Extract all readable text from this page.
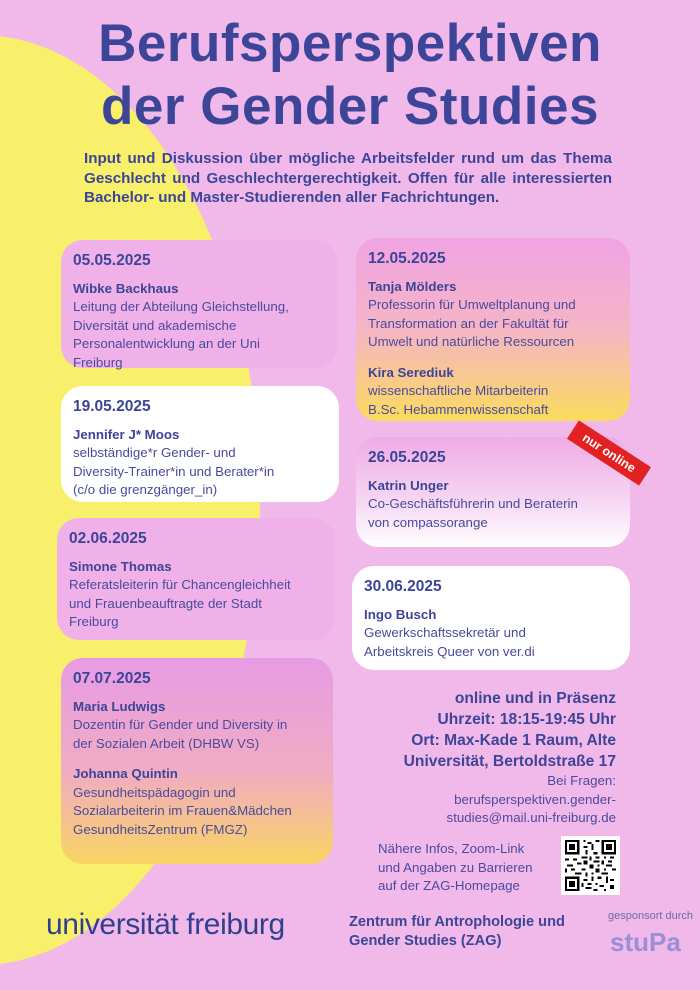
Berufsperspektiven
der Gender Studies
Input und Diskussion über mögliche Arbeitsfelder rund um das Thema Geschlecht und Geschlechtergerechtigkeit. Offen für alle interessierten Bachelor- und Master-Studierenden aller Fachrichtungen.
05.05.2025
Wibke Backhaus
Leitung der Abteilung Gleichstellung,
Diversität und akademische
Personalentwicklung an der Uni
Freiburg
12.05.2025
Tanja Mölders
Professorin für Umweltplanung und
Transformation an der Fakultät für
Umwelt und natürliche Ressourcen
Kira Serediuk
wissenschaftliche Mitarbeiterin
B.Sc. Hebammenwissenschaft
19.05.2025
Jennifer J* Moos
selbständige*r Gender- und
Diversity-Trainer*in und Berater*in
(c/o die grenzgänger_in)
26.05.2025
Katrin Unger
Co-Geschäftsführerin und Beraterin
von compassorange
nur online
02.06.2025
Simone Thomas
Referatsleiterin für Chancengleichheit
und Frauenbeauftragte der Stadt
Freiburg
30.06.2025
Ingo Busch
Gewerkschaftssekretär und
Arbeitskreis Queer von ver.di
07.07.2025
Maria Ludwigs
Dozentin für Gender und Diversity in
der Sozialen Arbeit (DHBW VS)
Johanna Quintin
Gesundheitspädagogin und
Sozialarbeiterin im Frauen&Mädchen
GesundheitsZentrum (FMGZ)
online und in Präsenz
Uhrzeit: 18:15-19:45 Uhr
Ort: Max-Kade 1 Raum, Alte
Universität, Bertoldstraße 17
Bei Fragen:
berufsperspektiven.gender-
studies@mail.uni-freiburg.de
Nähere Infos, Zoom-Link
und Angaben zu Barrieren
auf der ZAG-Homepage
universität freiburg	Zentrum für Antrophologie und
Gender Studies (ZAG)
gesponsort durch
stuPa
